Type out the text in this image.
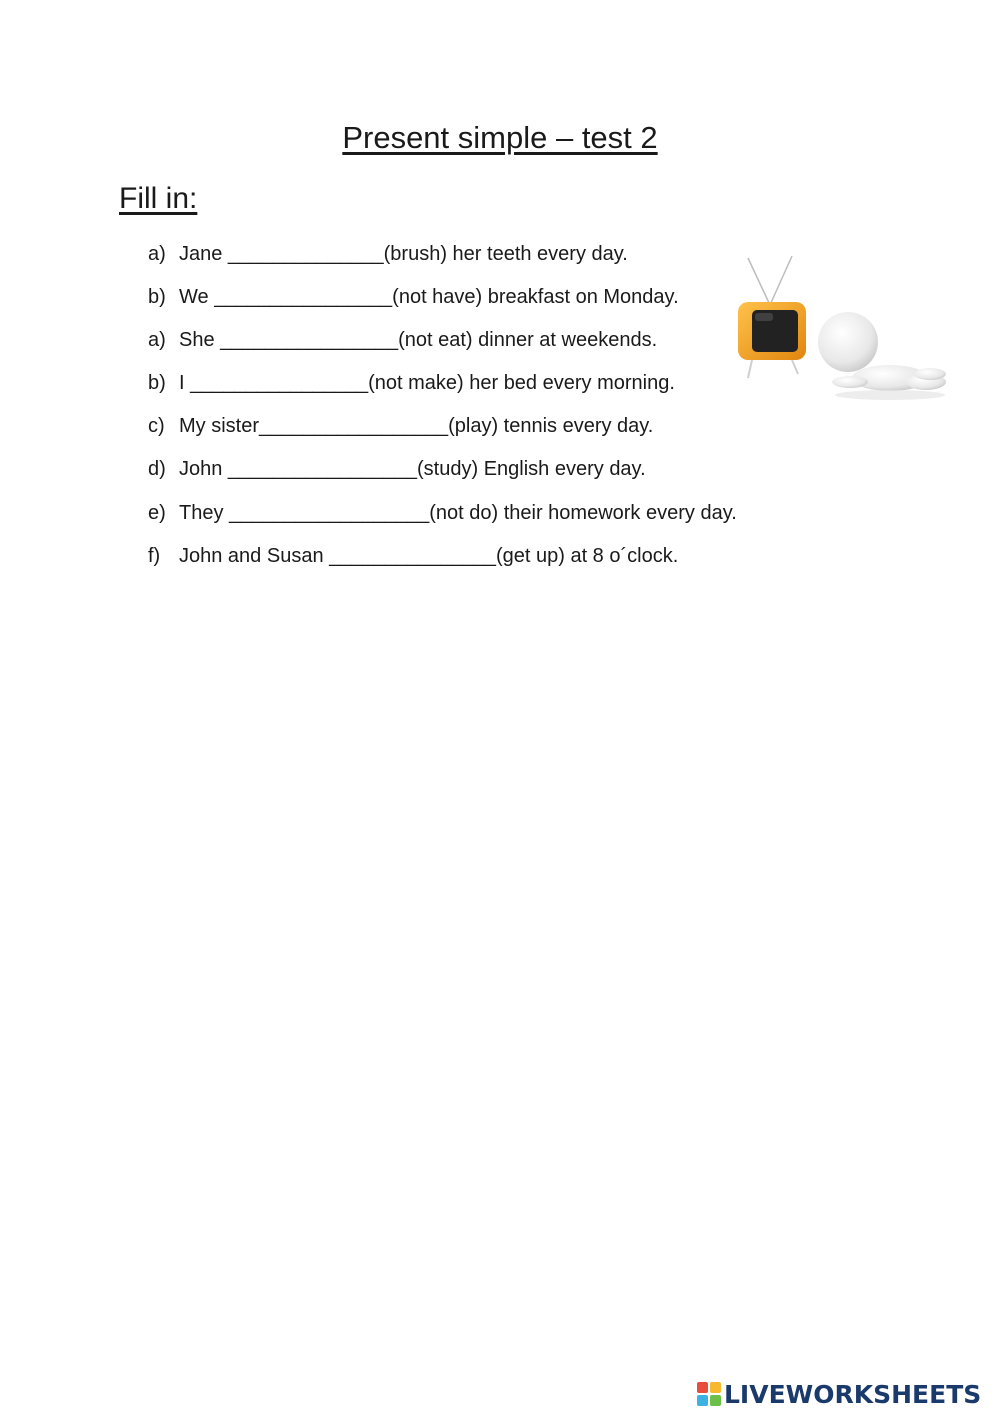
Present simple – test 2
Fill in:
a) Jane ______________(brush) her teeth every day.
b) We ________________(not have) breakfast on Monday.
a) She ________________(not eat) dinner at weekends.
b) I ________________(not make) her bed every morning.
c) My sister_________________(play) tennis every day.
d) John _________________(study) English every day.
e) They __________________(not do) their homework every day.
f) John and Susan _______________(get up) at 8 o´clock.
LIVEWORKSHEETS
